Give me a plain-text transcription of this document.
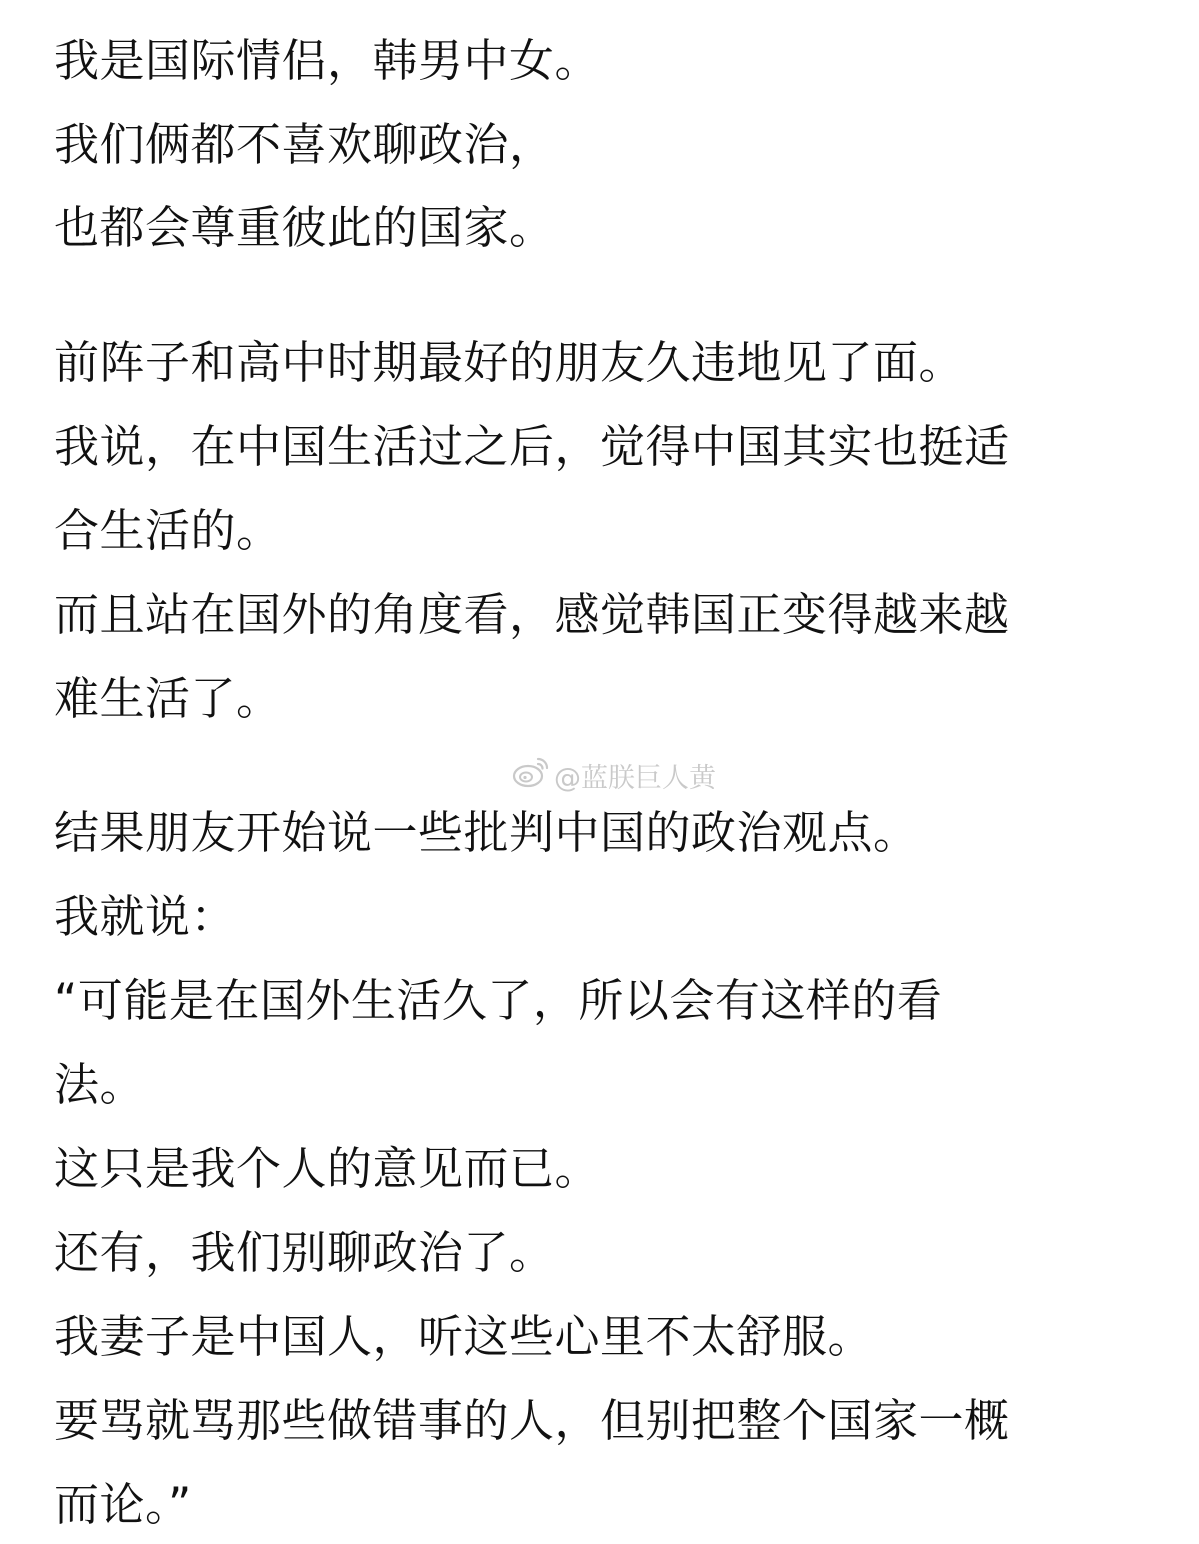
我是国际情侣，韩男中女。
我们俩都不喜欢聊政治，
也都会尊重彼此的国家。
前阵子和高中时期最好的朋友久违地见了面。
我说，在中国生活过之后，觉得中国其实也挺适
合生活的。
而且站在国外的角度看，感觉韩国正变得越来越
难生活了。
结果朋友开始说一些批判中国的政治观点。
我就说：
“可能是在国外生活久了，所以会有这样的看
法。
这只是我个人的意见而已。
还有，我们别聊政治了。
我妻子是中国人，听这些心里不太舒服。
要骂就骂那些做错事的人，但别把整个国家一概
而论。”
@蓝朕巨人黄
